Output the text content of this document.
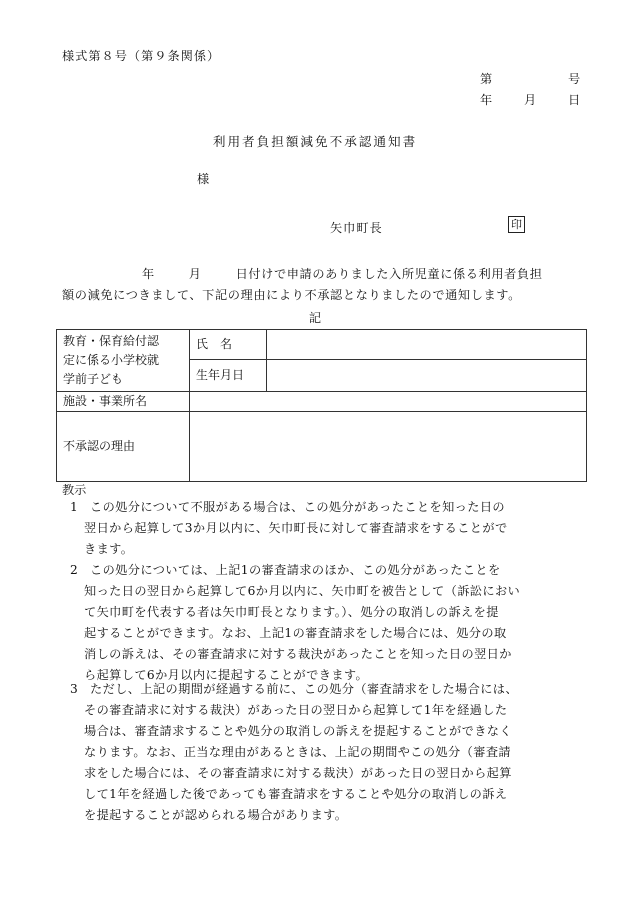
様式第８号（第９条関係）
第	号
年	月	日
利用者負担額減免不承認通知書
様
矢巾町長	印
年	月	日付けで申請のありました入所児童に係る利用者負担
額の減免につきまして、下記の理由により不承認となりましたので通知します。
記
教育・保育給付認
定に係る小学校就
学前子ども	氏　名	
	生年月日	
施設・事業所名		
不承認の理由		
教示
1 この処分について不服がある場合は、この処分があったことを知った日の
翌日から起算して3か月以内に、矢巾町長に対して審査請求をすることがで
きます。
2 この処分については、上記1の審査請求のほか、この処分があったことを
知った日の翌日から起算して6か月以内に、矢巾町を被告として（訴訟におい
て矢巾町を代表する者は矢巾町長となります。）、処分の取消しの訴えを提
起することができます。なお、上記1の審査請求をした場合には、処分の取
消しの訴えは、その審査請求に対する裁決があったことを知った日の翌日か
ら起算して6か月以内に提起することができます。
3 ただし、上記の期間が経過する前に、この処分（審査請求をした場合には、
その審査請求に対する裁決）があった日の翌日から起算して1年を経過した
場合は、審査請求することや処分の取消しの訴えを提起することができなく
なります。なお、正当な理由があるときは、上記の期間やこの処分（審査請
求をした場合には、その審査請求に対する裁決）があった日の翌日から起算
して1年を経過した後であっても審査請求をすることや処分の取消しの訴え
を提起することが認められる場合があります。
